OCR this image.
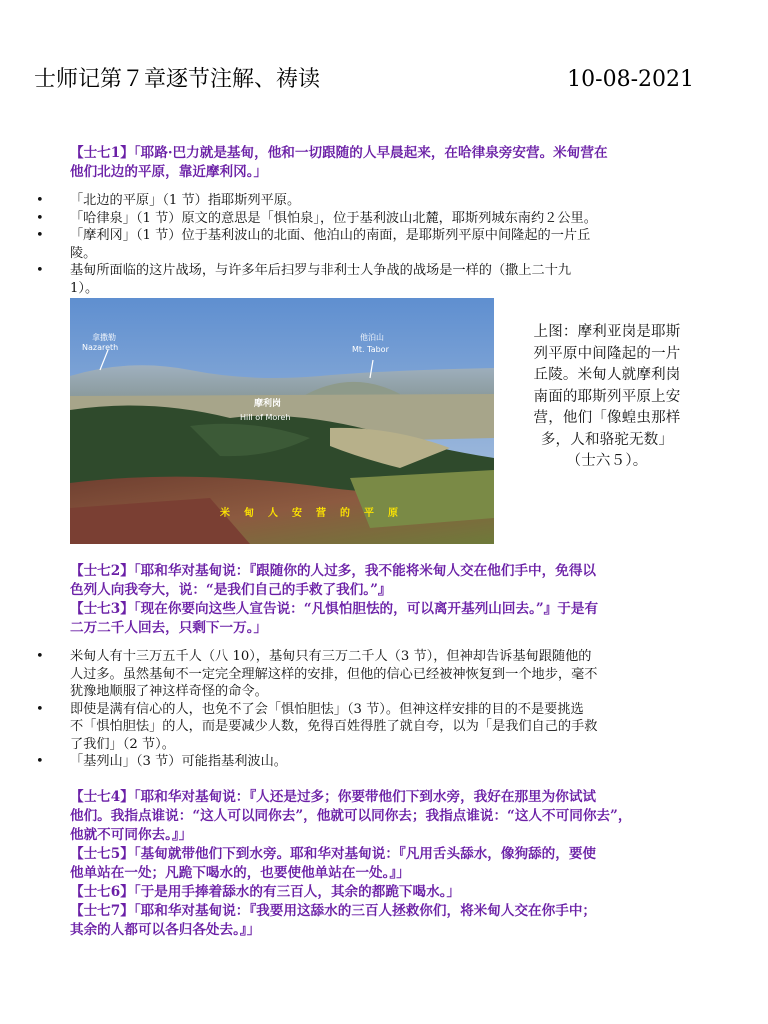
士师记第７章逐节注解、祷读	10-08-2021

【士七1】「耶路·巴力就是基甸，他和一切跟随的人早晨起来，在哈律泉旁安营。米甸营在

他们北边的平原，靠近摩利冈。」

• 「北边的平原」（1 节）指耶斯列平原。
• 「哈律泉」（1 节）原文的意思是「惧怕泉」，位于基利波山北麓，耶斯列城东南约２公里。
• 「摩利冈」（1 节）位于基利波山的北面、他泊山的南面，是耶斯列平原中间隆起的一片丘
陵。
• 基甸所面临的这片战场，与许多年后扫罗与非利士人争战的战场是一样的（撒上二十九
1）。
拿撒勒
Nazareth
他泊山
Mt. Tabor
摩利岗
Hill of Moreh
米甸人安营的平原
上图：摩利亚岗是耶斯
列平原中间隆起的一片
丘陵。米甸人就摩利岗
南面的耶斯列平原上安
营，他们「像蝗虫那样
多，人和骆驼无数」
（士六５）。

【士七2】「耶和华对基甸说：『跟随你的人过多，我不能将米甸人交在他们手中，免得以

色列人向我夸大，说：“是我们自己的手救了我们。”』

【士七3】「现在你要向这些人宣告说：“凡惧怕胆怯的，可以离开基列山回去。”』于是有

二万二千人回去，只剩下一万。」

• 米甸人有十三万五千人（八 10），基甸只有三万二千人（3 节），但神却告诉基甸跟随他的
人过多。虽然基甸不一定完全理解这样的安排，但他的信心已经被神恢复到一个地步，毫不
犹豫地顺服了神这样奇怪的命令。
• 即使是满有信心的人，也免不了会「惧怕胆怯」（3 节）。但神这样安排的目的不是要挑选
不「惧怕胆怯」的人，而是要减少人数，免得百姓得胜了就自夸，以为「是我们自己的手救
了我们」（2 节）。
• 「基列山」（3 节）可能指基利波山。

【士七4】「耶和华对基甸说：『人还是过多；你要带他们下到水旁，我好在那里为你试试

他们。我指点谁说：“这人可以同你去”，他就可以同你去；我指点谁说：“这人不可同你去”，

他就不可同你去。』」

【士七5】「基甸就带他们下到水旁。耶和华对基甸说：『凡用舌头舔水，像狗舔的，要使

他单站在一处；凡跪下喝水的，也要使他单站在一处。』」

【士七6】「于是用手捧着舔水的有三百人，其余的都跪下喝水。」

【士七7】「耶和华对基甸说：『我要用这舔水的三百人拯救你们，将米甸人交在你手中；

其余的人都可以各归各处去。』」
